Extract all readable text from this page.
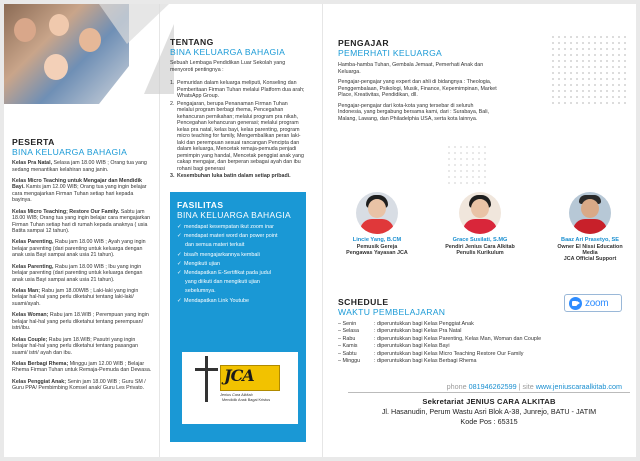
PESERTA
BINA KELUARGA BAHAGIA
Kelas Pra Natal, Selasa jam 18.00 WIB ; Orang tua yang sedang menantikan kelahiran sang janin.
Kelas Micro Teaching untuk Mengajar dan Mendidik Bayi. Kamis jam 12.00 WIB; Orang tua yang ingin belajar cara mengajarkan Firman Tuhan setiap hari kepada bayinya.
Kelas Micro Teaching; Restore Our Family. Sabtu jam 18.00 WIB; Orang tua yang ingin belajar cara mengajarkan Firman Tuhan setiap hari di rumah kepada anaknya ( usia Batita sampai 12 tahun).
Kelas Parenting, Rabu jam 18.00 WIB ; Ayah yang ingin belajar parenting (dari parenting untuk keluarga dengan anak usia Bayi sampai anak usia 21 tahun).
Kelas Parenting, Rabu jam 18.00 WIB ; Ibu yang ingin belajar parenting (dari parenting untuk keluarga dengan anak usia Bayi sampai anak usia 21 tahun).
Kelas Man; Rabu jam 18.00WIB ; Laki-laki yang ingin belajar hal-hal yang perlu diketahui tentang laki-laki/ suami/ayah.
Kelas Woman; Rabu jam 18.WIB ; Perempuan yang ingin belajar hal-hal yang perlu diketahui tentang perempuan/ istri/ibu.
Kelas Couple; Rabu jam 18.WIB; Pasutri yang ingin belajar hal-hal yang perlu diketahui tentang pasangan suami/ istri/ ayah dan ibu.
Kelas Berbagi Rhema; Minggu jam 12.00 WIB ; Belajar Rhema Firman Tuhan untuk Remaja-Pemuda dan Dewasa.
Kelas Penggiat Anak; Senin jam 18.00 WIB ; Guru SM / Guru PPA/ Pembimbing Komsel anak/ Guru Les Privato.
TENTANG
BINA KELUARGA BAHAGIA
Sebuah Lembaga Pendidikan Luar Sekolah yang menyoroti pentingnya :
1. Pemuridan dalam keluarga meliputi, Konseling dan Pemberitaan Firman Tuhan melalui Platform dua arah; WhatsApp Group.
2. Pengajaran, berupa Penanaman Firman Tuhan melalui program berbagi rhema, Pencegahan kehancuran pernikahan; melalui program pra nikah, Pencegahan kehancuran generasi; melalui program kelas pra natal, kelas bayi, kelas parenting, program micro teaching for family, Mengembalikan peran laki-laki dan perempuan sesuai rancangan Pencipta dan dalam keluarga, Mencetak remaja-pemuda penjadi pemimpin yang handal, Mencetak penggiat anak yang cakap mengajar, dan berperan sebagai ayah dan ibu rohani bagi generasi
3. Kesembuhan luka batin dalam setiap pribadi.
FASILITAS
BINA KELUARGA BAHAGIA
✓ mendapat kesempatan ikut zoom inar
✓ mendapat materi word dan power point
dan semua materi terkait
✓ bisa/h mengajarkannya kembali
✓ Mengikuti ujian
✓ Mendapatkan E-Sertifikat pada judul
yang diikuti dan mengikuti ujian
sebelumnya.
✓ Mendapatkan Link Youtube
JCA
Jenius Cara Alkitab
Mendidik Anak Bagai Kristus
PENGAJAR
PEMERHATI KELUARGA
Hamba-hamba Tuhan, Gembala Jemaat, Pemerhati Anak dan Keluarga.
Pengajar-pengajar yang expert dan ahli di bidangnya : Theologia, Penggembalaan, Psikologi, Musik, Finance, Kepemimpinan, Market Place, Kreativitas, Pendidikan, dll.
Pengajar-pengajar dari kota-kota yang tersebar di seluruh Indonesia, yang bergabung bersama kami, dari : Surabaya, Bali, Malang, Lawang, dan Philadelphia USA, serta kota lainnya.
Lincie Yang, B.CM
Pemusik Gereja
Pengawas Yayasan JCA
Grace Susilati, S.MG
Pendiri Jenius Cara Alkitab
Penulis Kurikulum
Baaz Ari Prasetyo, SE
Owner El Nissi Education Media
JCA Official Support
zoom
SCHEDULE
WAKTU PEMBELAJARAN
– Senin	: diperuntukkan bagi Kelas Penggiat Anak
– Selasa	: diperuntukkan bagi Kelas Pra Natal
– Rabu	: diperuntukkan bagi Kelas Parenting, Kelas Man, Woman dan Couple
– Kamis	: diperuntukkan bagi Kelas Bayi
– Sabtu	: diperuntukkan bagi Kelas Micro Teaching Restore Our Family
– Minggu	: diperuntukkan bagi Kelas Berbagi Rhema
phone 081946262599 | site www.jeniuscaraalkitab.com
Sekretariat JENIUS CARA ALKITAB
Jl. Hasanudin, Perum Wastu Asri Blok A-38, Junrejo, BATU - JATIM
Kode Pos : 65315
